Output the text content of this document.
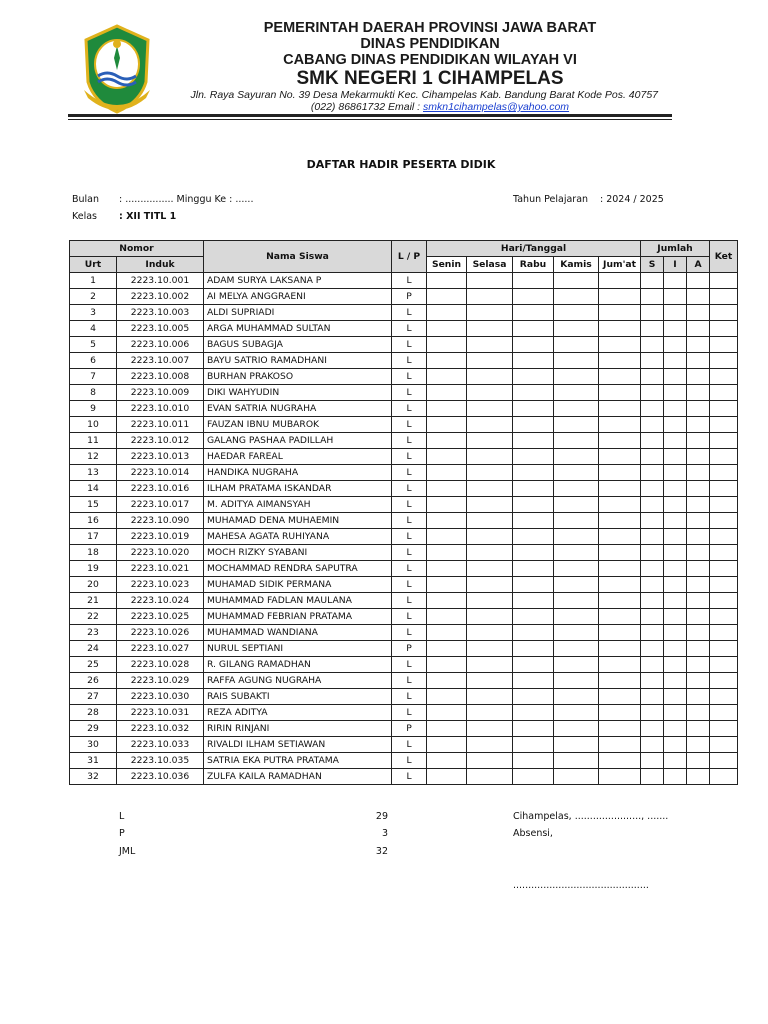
PEMERINTAH DAERAH PROVINSI JAWA BARAT
DINAS PENDIDIKAN
CABANG DINAS PENDIDIKAN WILAYAH VI
SMK NEGERI 1 CIHAMPELAS
Jln. Raya Sayuran No. 39 Desa Mekarmukti Kec. Cihampelas Kab. Bandung Barat Kode Pos. 40757
(022) 86861732 Email : smkn1cihampelas@yahoo.com
DAFTAR HADIR PESERTA DIDIK
Bulan : ................ Minggu Ke : ......
Kelas : XII TITL 1
Tahun Pelajaran : 2024 / 2025
Nomor		Nama Siswa	L / P	Hari/Tanggal					Jumlah			Ket
Urt	Induk			Senin	Selasa	Rabu	Kamis	Jum'at	S	I	A	
1	2223.10.001	ADAM SURYA LAKSANA P	L									
2	2223.10.002	AI MELYA ANGGRAENI	P									
3	2223.10.003	ALDI SUPRIADI	L									
4	2223.10.005	ARGA MUHAMMAD SULTAN	L									
5	2223.10.006	BAGUS SUBAGJA	L									
6	2223.10.007	BAYU SATRIO RAMADHANI	L									
7	2223.10.008	BURHAN PRAKOSO	L									
8	2223.10.009	DIKI WAHYUDIN	L									
9	2223.10.010	EVAN SATRIA NUGRAHA	L									
10	2223.10.011	FAUZAN IBNU MUBAROK	L									
11	2223.10.012	GALANG PASHAA PADILLAH	L									
12	2223.10.013	HAEDAR FAREAL	L									
13	2223.10.014	HANDIKA NUGRAHA	L									
14	2223.10.016	ILHAM PRATAMA ISKANDAR	L									
15	2223.10.017	M. ADITYA AIMANSYAH	L									
16	2223.10.090	MUHAMAD DENA MUHAEMIN	L									
17	2223.10.019	MAHESA AGATA RUHIYANA	L									
18	2223.10.020	MOCH RIZKY SYABANI	L									
19	2223.10.021	MOCHAMMAD RENDRA SAPUTRA	L									
20	2223.10.023	MUHAMAD SIDIK PERMANA	L									
21	2223.10.024	MUHAMMAD FADLAN MAULANA	L									
22	2223.10.025	MUHAMMAD FEBRIAN PRATAMA	L									
23	2223.10.026	MUHAMMAD WANDIANA	L									
24	2223.10.027	NURUL SEPTIANI	P									
25	2223.10.028	R. GILANG RAMADHAN	L									
26	2223.10.029	RAFFA AGUNG NUGRAHA	L									
27	2223.10.030	RAIS SUBAKTI	L									
28	2223.10.031	REZA ADITYA	L									
29	2223.10.032	RIRIN RINJANI	P									
30	2223.10.033	RIVALDI ILHAM SETIAWAN	L									
31	2223.10.035	SATRIA EKA PUTRA PRATAMA	L									
32	2223.10.036	ZULFA KAILA RAMADHAN	L									
L	29
P	3
JML	32
Cihampelas, ......................, .......
Absensi,
.............................................
